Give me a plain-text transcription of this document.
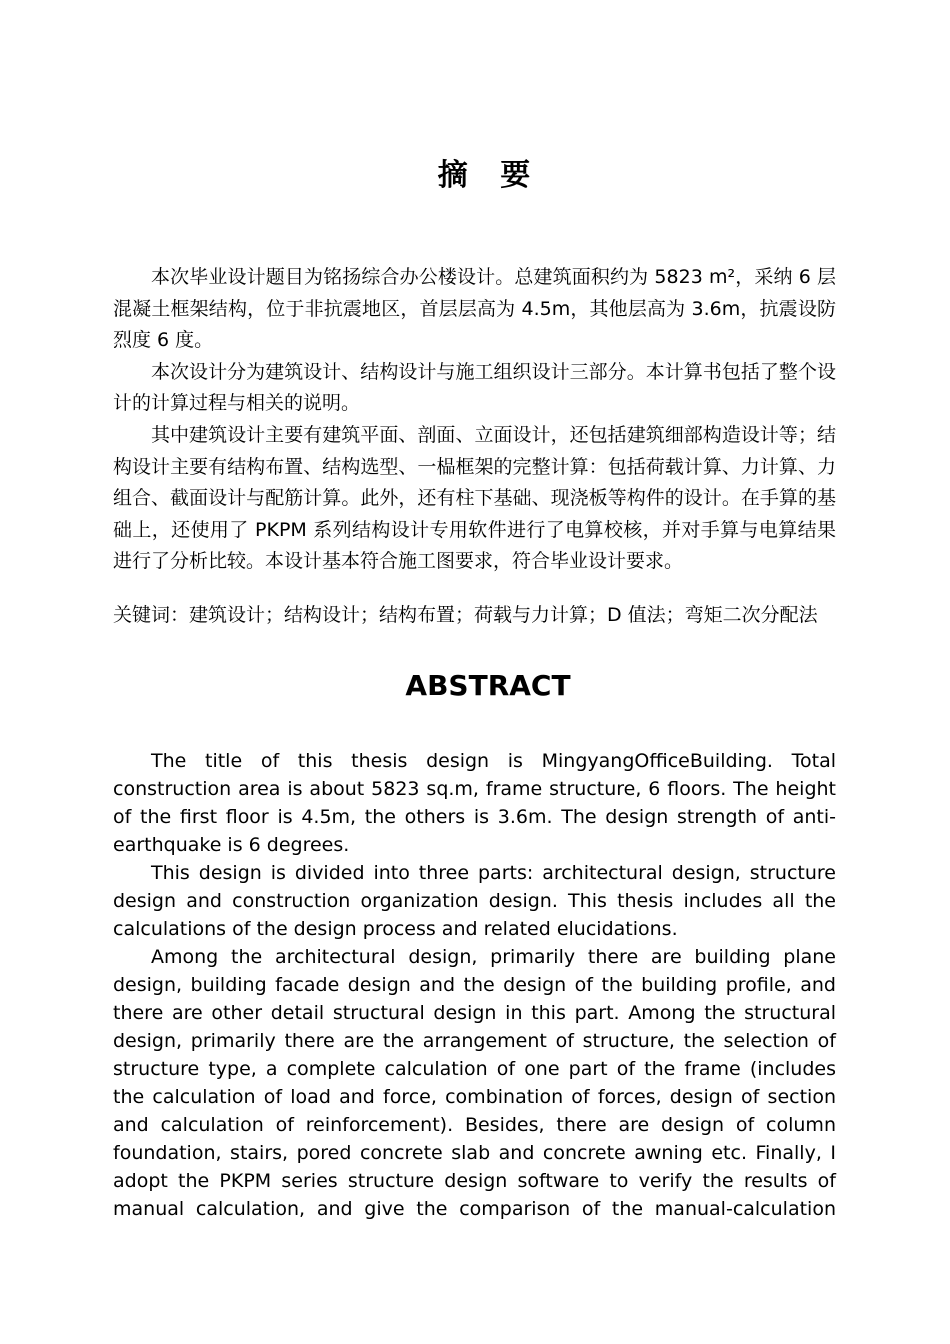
摘 要

本次毕业设计题目为铭扬综合办公楼设计。总建筑面积约为 5823 m²，采纳 6 层混凝土框架结构，位于非抗震地区，首层层高为 4.5m，其他层高为 3.6m，抗震设防烈度 6 度。

本次设计分为建筑设计、结构设计与施工组织设计三部分。本计算书包括了整个设计的计算过程与相关的说明。

其中建筑设计主要有建筑平面、剖面、立面设计，还包括建筑细部构造设计等；结构设计主要有结构布置、结构选型、一榀框架的完整计算：包括荷载计算、力计算、力组合、截面设计与配筋计算。此外，还有柱下基础、现浇板等构件的设计。在手算的基础上，还使用了 PKPM 系列结构设计专用软件进行了电算校核，并对手算与电算结果进行了分析比较。本设计基本符合施工图要求，符合毕业设计要求。

关键词：建筑设计；结构设计；结构布置；荷载与力计算；D 值法；弯矩二次分配法
ABSTRACT

The title of this thesis design is MingyangOfficeBuilding. Total construction area is about 5823 sq.m, frame structure, 6 floors. The height of the first floor is 4.5m, the others is 3.6m. The design strength of anti-earthquake is 6 degrees.

This design is divided into three parts: architectural design, structure design and construction organization design. This thesis includes all the calculations of the design process and related elucidations.

Among the architectural design, primarily there are building plane design, building facade design and the design of the building profile, and there are other detail structural design in this part. Among the structural design, primarily there are the arrangement of structure, the selection of structure type, a complete calculation of one part of the frame (includes the calculation of load and force, combination of forces, design of section and calculation of reinforcement). Besides, there are design of column foundation, stairs, pored concrete slab and concrete awning etc. Finally, I adopt the PKPM series structure design software to verify the results of manual calculation, and give the comparison of the manual-calculation
